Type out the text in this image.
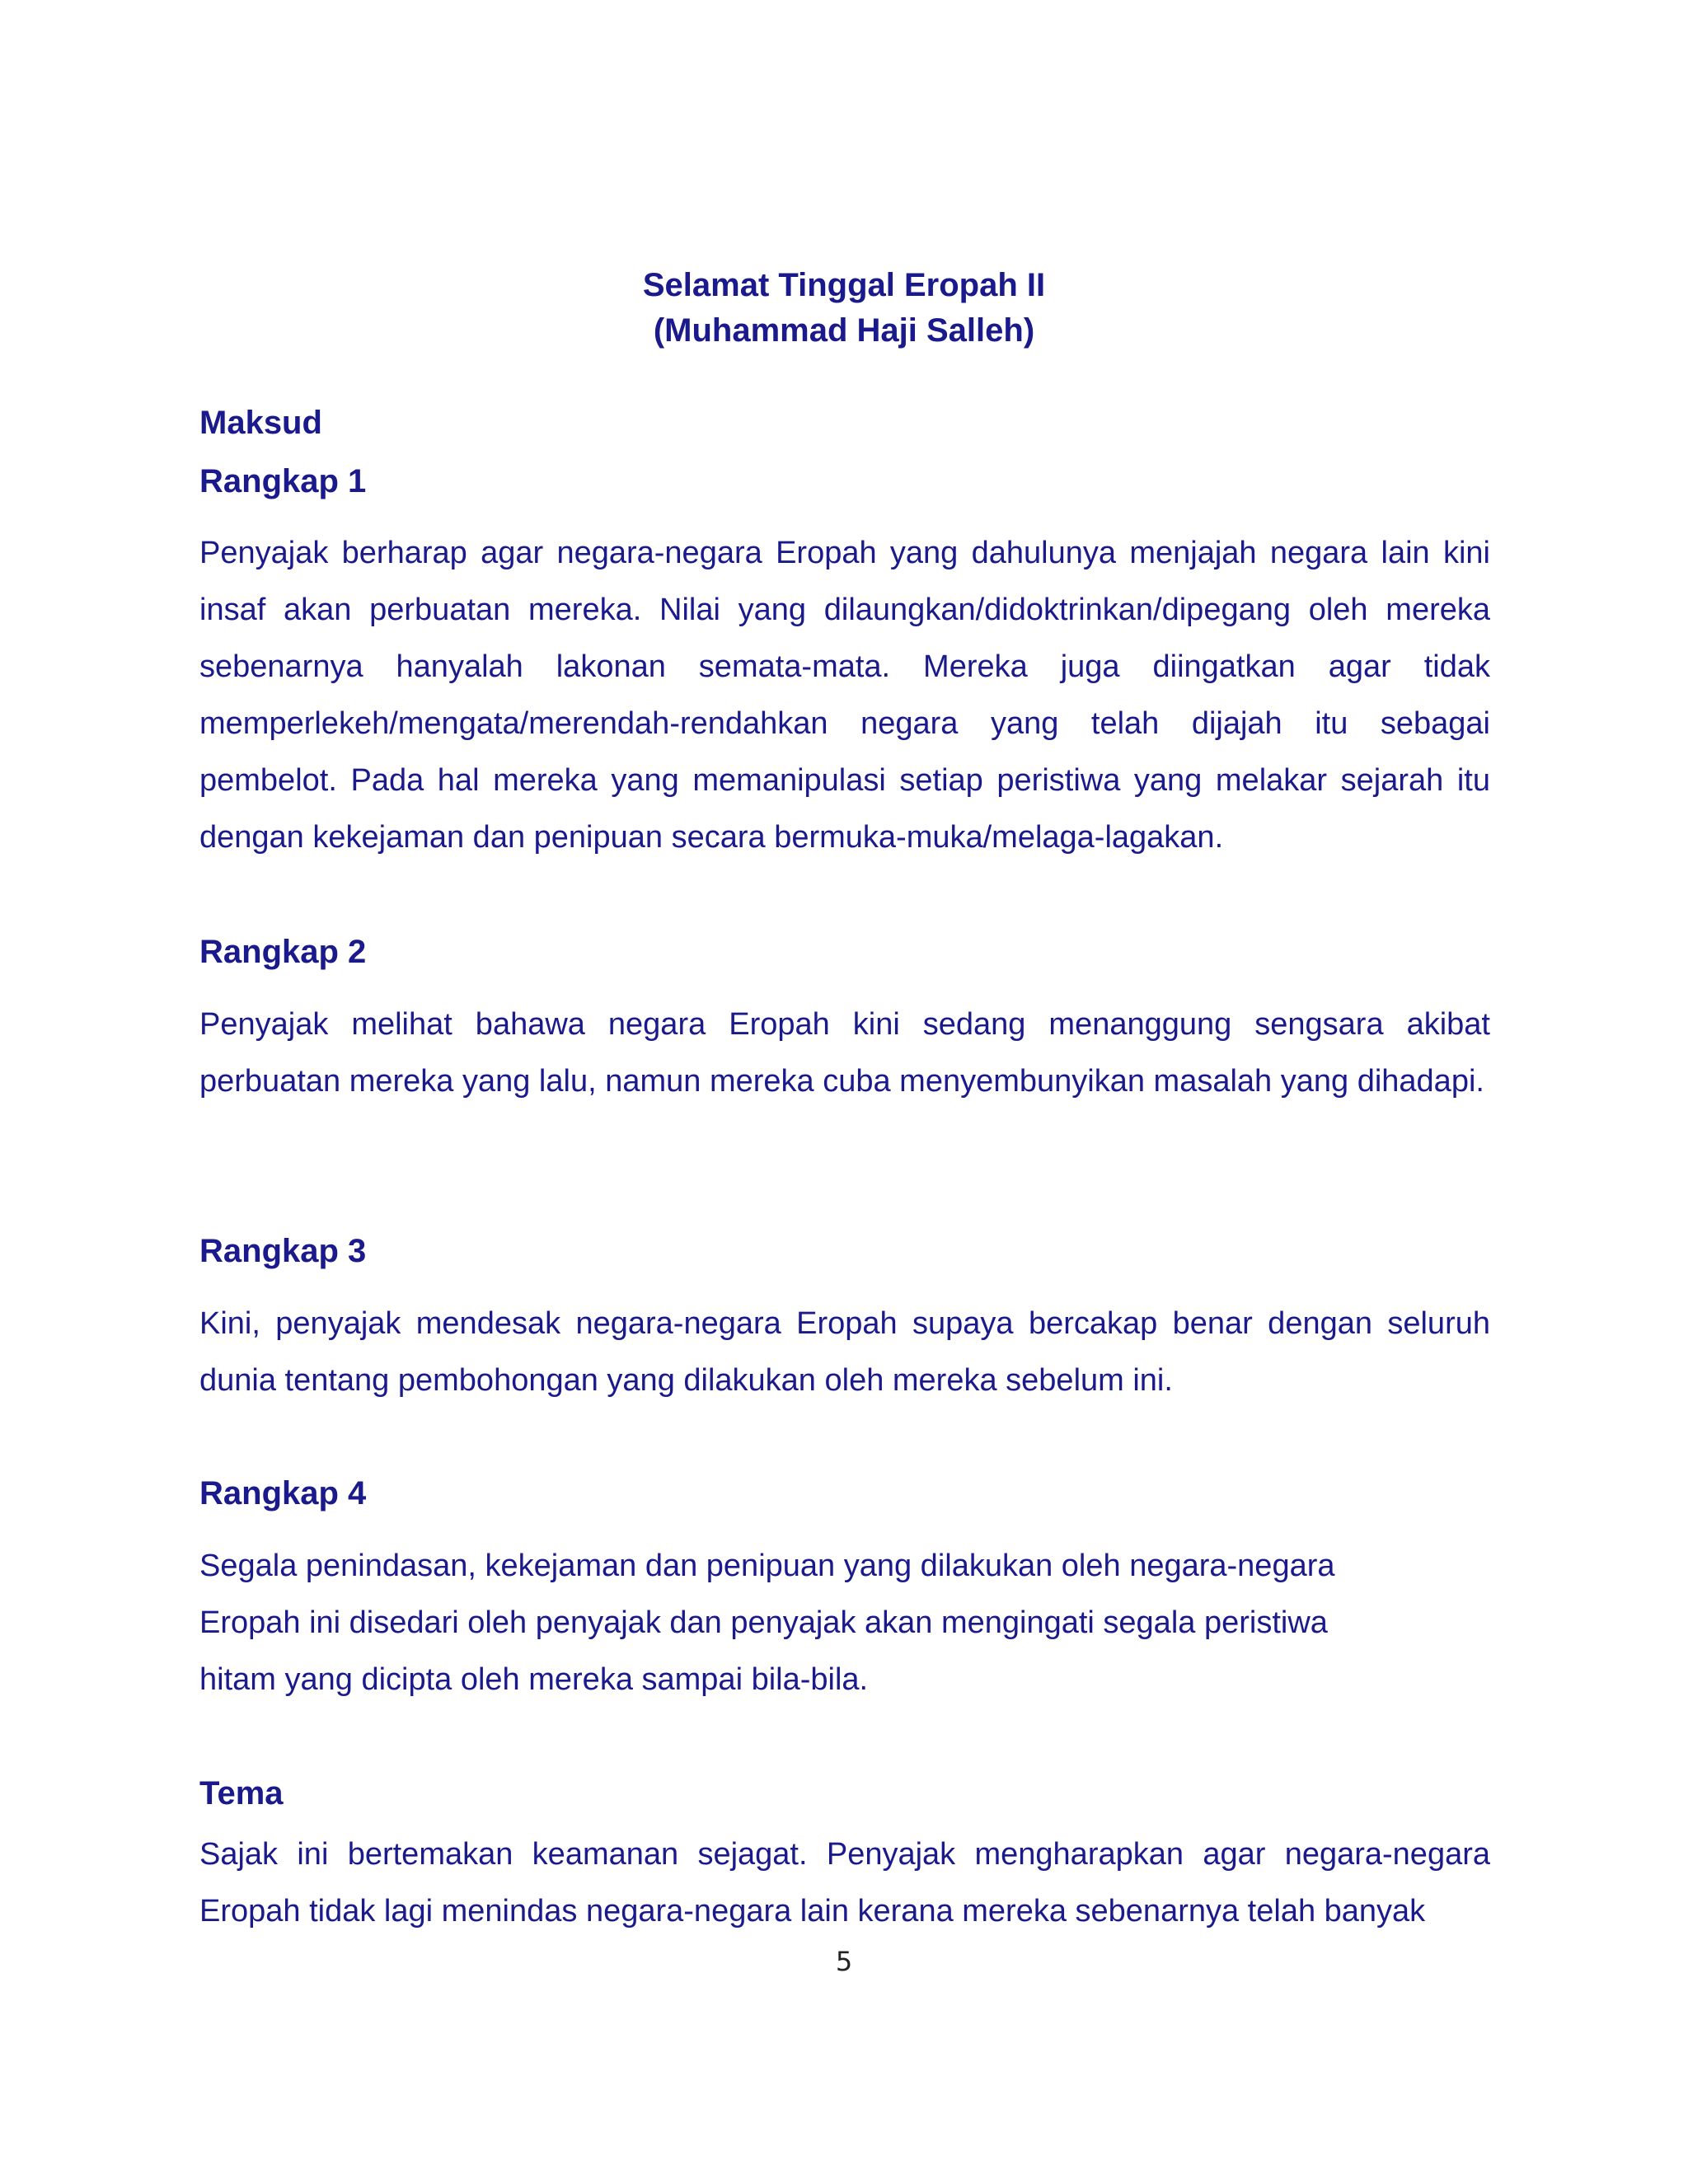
Selamat Tinggal Eropah II

(Muhammad Haji Salleh)

Maksud

Rangkap 1

Penyajak berharap agar negara-negara Eropah yang dahulunya menjajah negara lain kini insaf akan perbuatan mereka. Nilai yang dilaungkan/didoktrinkan/dipegang oleh mereka sebenarnya hanyalah lakonan semata-mata. Mereka juga diingatkan agar tidak memperlekeh/mengata/merendah-rendahkan negara yang telah dijajah itu sebagai pembelot. Pada hal mereka yang memanipulasi setiap peristiwa yang melakar sejarah itu dengan kekejaman dan penipuan secara bermuka-muka/melaga-lagakan.

Rangkap 2

Penyajak melihat bahawa negara Eropah kini sedang menanggung sengsara akibat perbuatan mereka yang lalu, namun mereka cuba menyembunyikan masalah yang dihadapi.

Rangkap 3

Kini, penyajak mendesak negara-negara Eropah supaya bercakap benar dengan seluruh dunia tentang pembohongan yang dilakukan oleh mereka sebelum ini.

Rangkap 4

Segala penindasan, kekejaman dan penipuan yang dilakukan oleh negara-negara

Eropah ini disedari oleh penyajak dan penyajak akan mengingati segala peristiwa

hitam yang dicipta oleh mereka sampai bila-bila.

Tema

Sajak ini bertemakan keamanan sejagat. Penyajak mengharapkan agar negara-negara Eropah tidak lagi menindas negara-negara lain kerana mereka sebenarnya telah banyak

5
